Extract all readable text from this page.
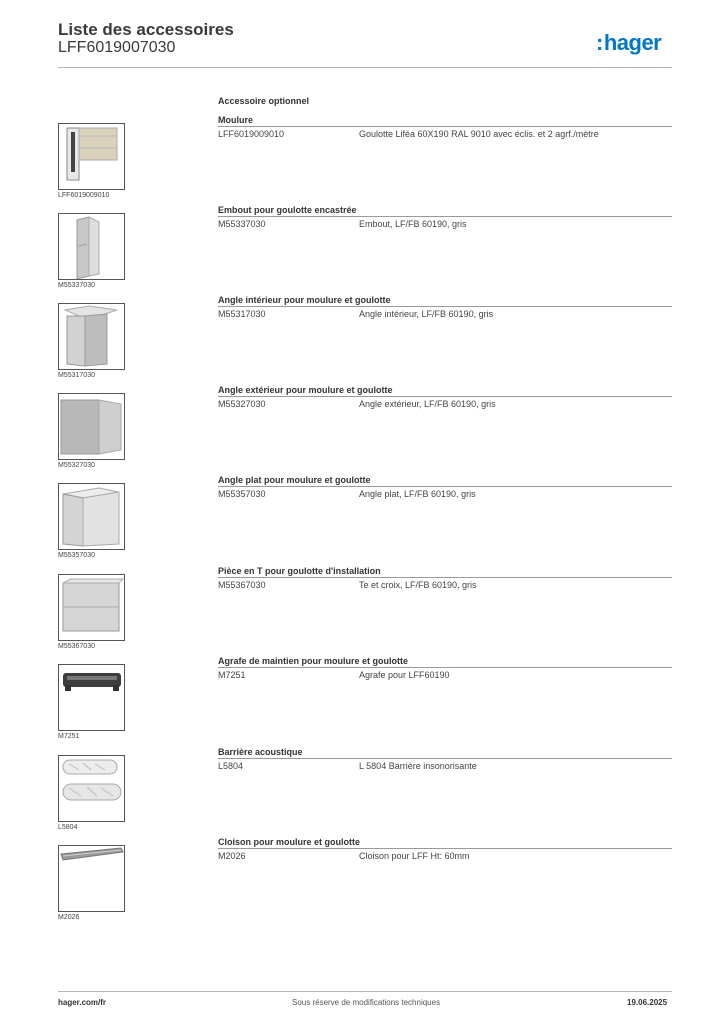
Liste des accessoires
LFF6019007030	:hager
Accessoire optionnel
LFF6019009010
Moulure
LFF6019009010	Goulotte Liféa 60X190 RAL 9010 avec éclis. et 2 agrf./mètre
M55337030
Embout pour goulotte encastrée
M55337030	Embout, LF/FB 60190, gris
M55317030
Angle intérieur pour moulure et goulotte
M55317030	Angle intérieur, LF/FB 60190, gris
M55327030
Angle extérieur pour moulure et goulotte
M55327030	Angle extérieur, LF/FB 60190, gris
M55357030
Angle plat pour moulure et goulotte
M55357030	Angle plat, LF/FB 60190, gris
M55367030
Pièce en T pour goulotte d'installation
M55367030	Te et croix, LF/FB 60190, gris
M7251
Agrafe de maintien pour moulure et goulotte
M7251	Agrafe pour LFF60190
L5804
Barrière acoustique
L5804	L 5804 Barrière insonorisante
M2026
Cloison pour moulure et goulotte
M2026	Cloison pour LFF Ht: 60mm
hager.com/fr	Sous réserve de modifications techniques	19.06.2025
